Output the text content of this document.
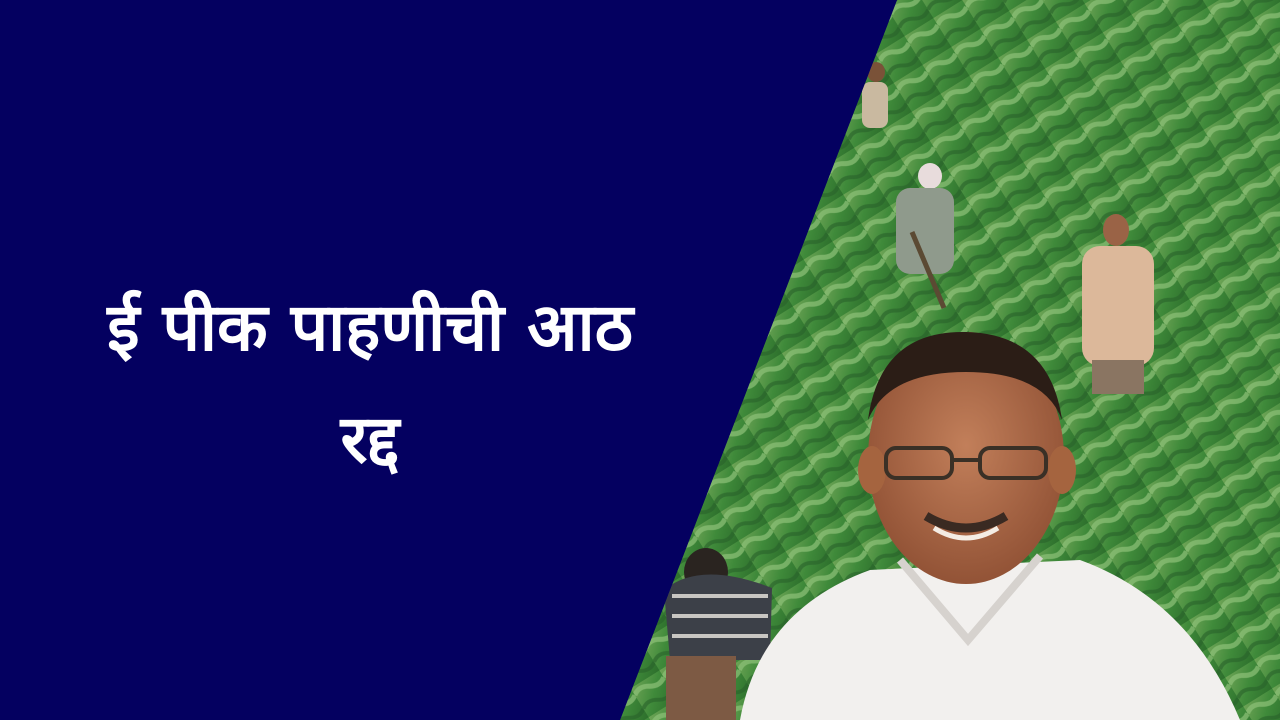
ई पीक पाहणीची आठ
रद्द
